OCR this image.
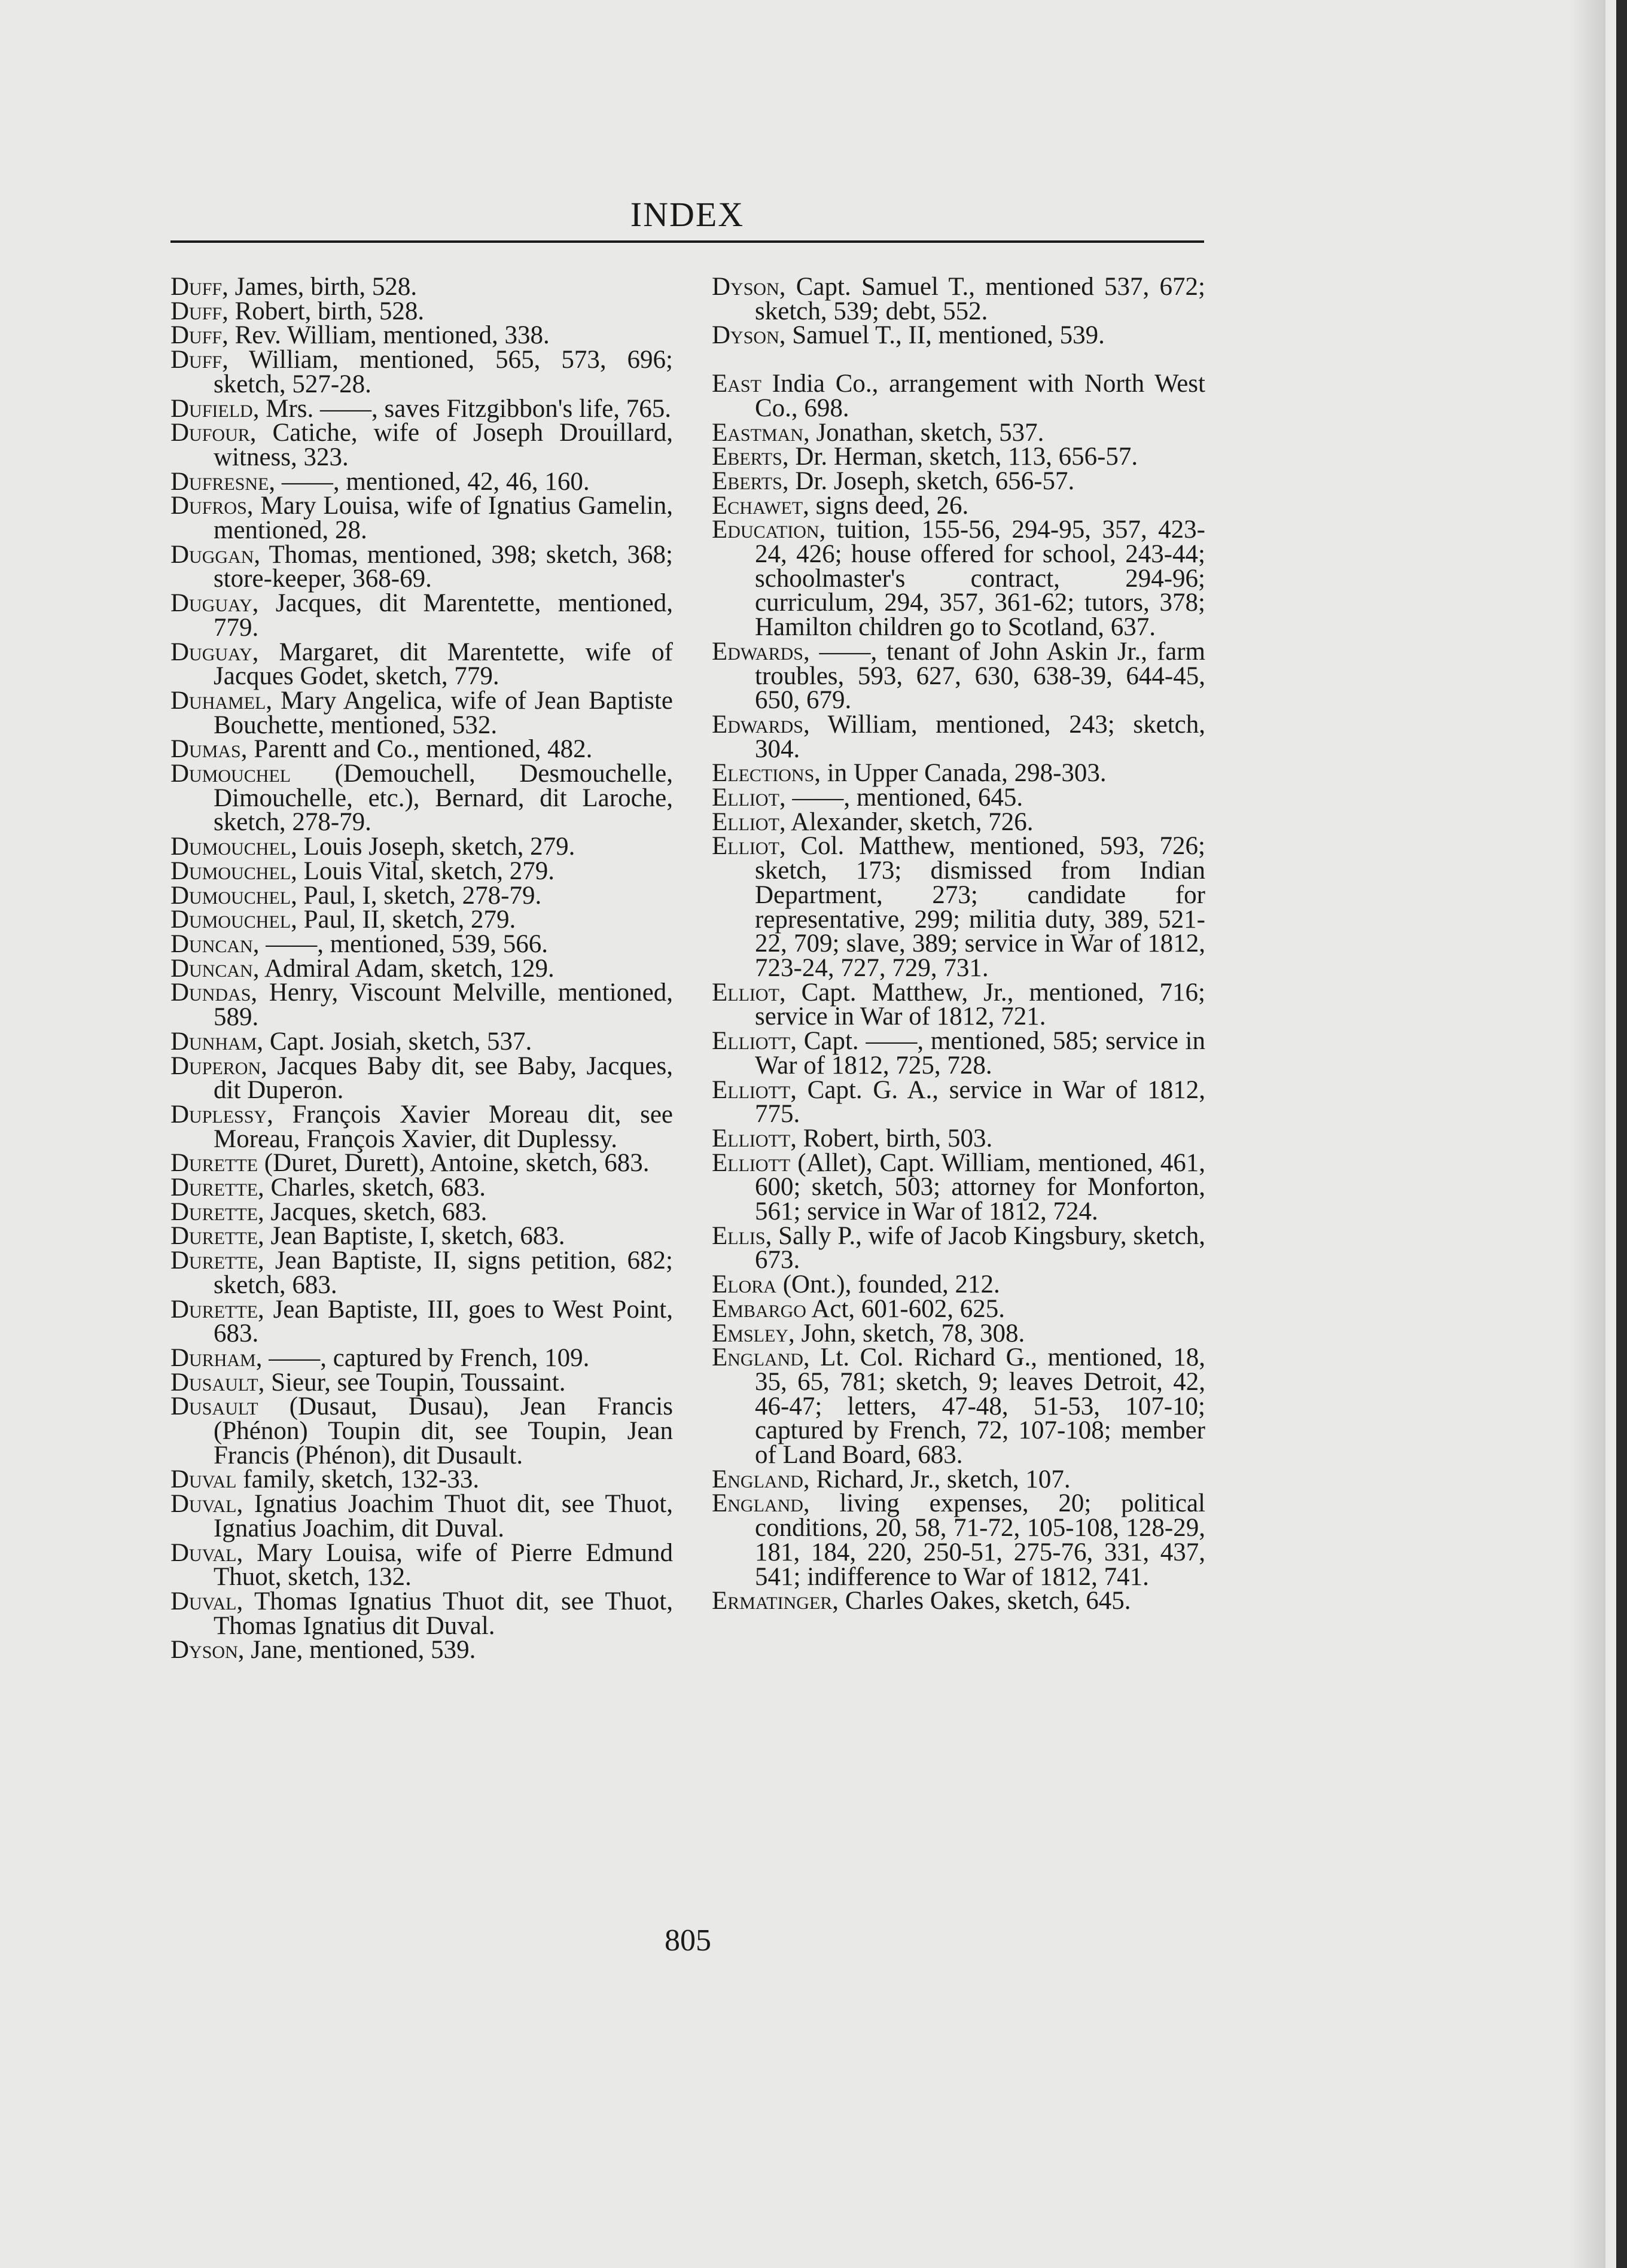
INDEX
Duff, James, birth, 528.
Duff, Robert, birth, 528.
Duff, Rev. William, mentioned, 338.
Duff, William, mentioned, 565, 573, 696; sketch, 527-28.
Dufield, Mrs. ——, saves Fitzgibbon's life, 765.
Dufour, Catiche, wife of Joseph Drouillard, witness, 323.
Dufresne, ——, mentioned, 42, 46, 160.
Dufros, Mary Louisa, wife of Ignatius Gamelin, mentioned, 28.
Duggan, Thomas, mentioned, 398; sketch, 368; store-keeper, 368-69.
Duguay, Jacques, dit Marentette, mentioned, 779.
Duguay, Margaret, dit Marentette, wife of Jacques Godet, sketch, 779.
Duhamel, Mary Angelica, wife of Jean Baptiste Bouchette, mentioned, 532.
Dumas, Parentt and Co., mentioned, 482.
Dumouchel (Demouchell, Desmouchelle, Dimouchelle, etc.), Bernard, dit Laroche, sketch, 278-79.
Dumouchel, Louis Joseph, sketch, 279.
Dumouchel, Louis Vital, sketch, 279.
Dumouchel, Paul, I, sketch, 278-79.
Dumouchel, Paul, II, sketch, 279.
Duncan, ——, mentioned, 539, 566.
Duncan, Admiral Adam, sketch, 129.
Dundas, Henry, Viscount Melville, mentioned, 589.
Dunham, Capt. Josiah, sketch, 537.
Duperon, Jacques Baby dit, see Baby, Jacques, dit Duperon.
Duplessy, François Xavier Moreau dit, see Moreau, François Xavier, dit Duplessy.
Durette (Duret, Durett), Antoine, sketch, 683.
Durette, Charles, sketch, 683.
Durette, Jacques, sketch, 683.
Durette, Jean Baptiste, I, sketch, 683.
Durette, Jean Baptiste, II, signs petition, 682; sketch, 683.
Durette, Jean Baptiste, III, goes to West Point, 683.
Durham, ——, captured by French, 109.
Dusault, Sieur, see Toupin, Toussaint.
Dusault (Dusaut, Dusau), Jean Francis (Phénon) Toupin dit, see Toupin, Jean Francis (Phénon), dit Dusault.
Duval family, sketch, 132-33.
Duval, Ignatius Joachim Thuot dit, see Thuot, Ignatius Joachim, dit Duval.
Duval, Mary Louisa, wife of Pierre Edmund Thuot, sketch, 132.
Duval, Thomas Ignatius Thuot dit, see Thuot, Thomas Ignatius dit Duval.
Dyson, Jane, mentioned, 539.
Dyson, Capt. Samuel T., mentioned 537, 672; sketch, 539; debt, 552.
Dyson, Samuel T., II, mentioned, 539.
East India Co., arrangement with North West Co., 698.
Eastman, Jonathan, sketch, 537.
Eberts, Dr. Herman, sketch, 113, 656-57.
Eberts, Dr. Joseph, sketch, 656-57.
Echawet, signs deed, 26.
Education, tuition, 155-56, 294-95, 357, 423-24, 426; house offered for school, 243-44; schoolmaster's contract, 294-96; curriculum, 294, 357, 361-62; tutors, 378; Hamilton children go to Scotland, 637.
Edwards, ——, tenant of John Askin Jr., farm troubles, 593, 627, 630, 638-39, 644-45, 650, 679.
Edwards, William, mentioned, 243; sketch, 304.
Elections, in Upper Canada, 298-303.
Elliot, ——, mentioned, 645.
Elliot, Alexander, sketch, 726.
Elliot, Col. Matthew, mentioned, 593, 726; sketch, 173; dismissed from Indian Department, 273; candidate for representative, 299; militia duty, 389, 521-22, 709; slave, 389; service in War of 1812, 723-24, 727, 729, 731.
Elliot, Capt. Matthew, Jr., mentioned, 716; service in War of 1812, 721.
Elliott, Capt. ——, mentioned, 585; service in War of 1812, 725, 728.
Elliott, Capt. G. A., service in War of 1812, 775.
Elliott, Robert, birth, 503.
Elliott (Allet), Capt. William, mentioned, 461, 600; sketch, 503; attorney for Monforton, 561; service in War of 1812, 724.
Ellis, Sally P., wife of Jacob Kingsbury, sketch, 673.
Elora (Ont.), founded, 212.
Embargo Act, 601-602, 625.
Emsley, John, sketch, 78, 308.
England, Lt. Col. Richard G., mentioned, 18, 35, 65, 781; sketch, 9; leaves Detroit, 42, 46-47; letters, 47-48, 51-53, 107-10; captured by French, 72, 107-108; member of Land Board, 683.
England, Richard, Jr., sketch, 107.
England, living expenses, 20; political conditions, 20, 58, 71-72, 105-108, 128-29, 181, 184, 220, 250-51, 275-76, 331, 437, 541; indifference to War of 1812, 741.
Ermatinger, Charles Oakes, sketch, 645.
805
